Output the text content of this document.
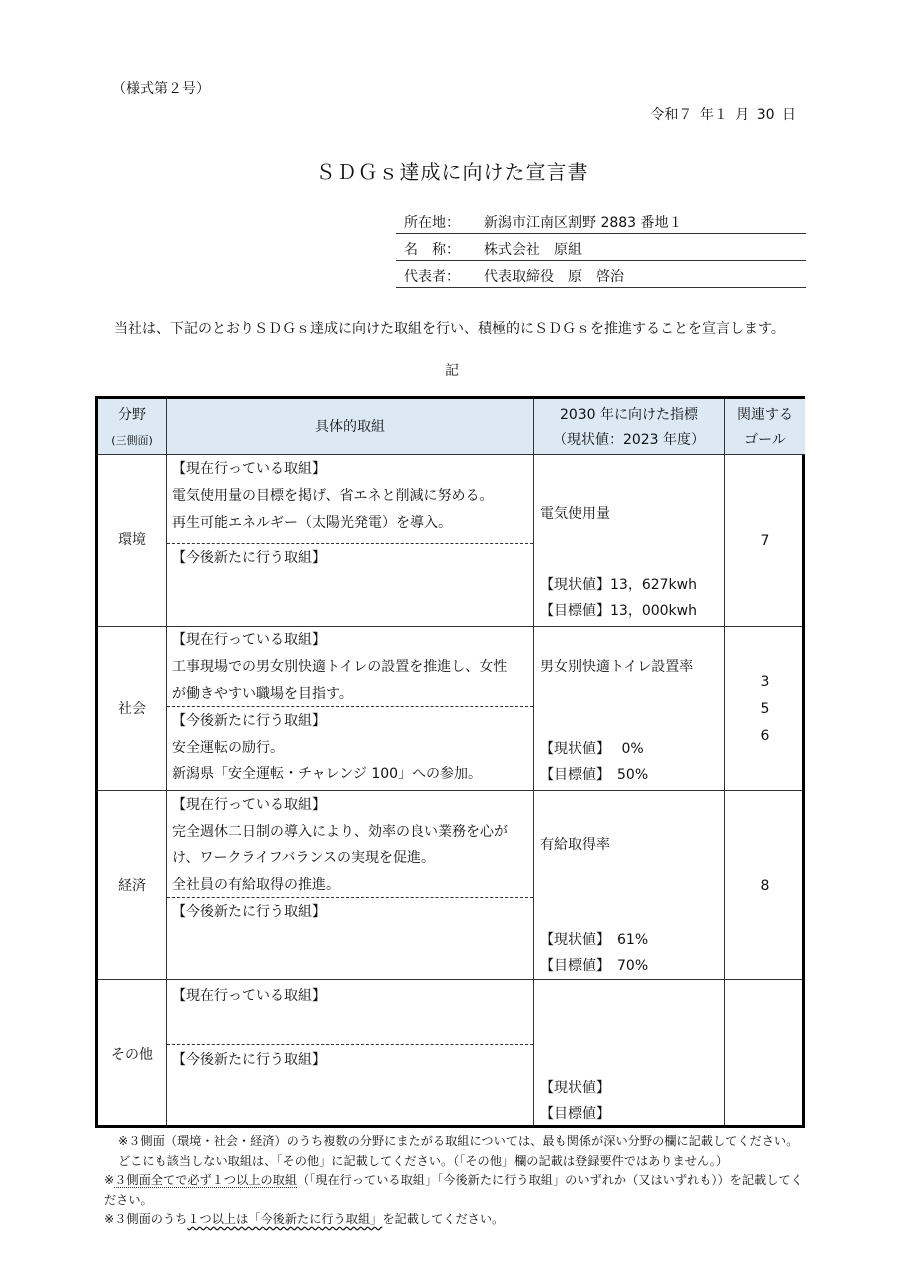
（様式第２号）
令和７ 年１ 月 30 日
ＳＤＧｓ達成に向けた宣言書
所在地： 新潟市江南区割野 2883 番地１
名　称： 株式会社　原組
代表者： 代表取締役　原　啓治
当社は、下記のとおりＳＤＧｓ達成に向けた取組を行い、積極的にＳＤＧｓを推進することを宣言します。
記
分野
(三側面)
具体的取組
2030 年に向けた指標
（現状値：2023 年度）
関連する
ゴール
環境
【現在行っている取組】
電気使用量の目標を掲げ、省エネと削減に努める。
再生可能エネルギー（太陽光発電）を導入。
【今後新たに行う取組】
電気使用量
【現状値】13，627kwh
【目標値】13，000kwh
7
社会
【現在行っている取組】
工事現場での男女別快適トイレの設置を推進し、女性
が働きやすい職場を目指す。
【今後新たに行う取組】
安全運転の励行。
新潟県「安全運転・チャレンジ 100」への参加。
男女別快適トイレ設置率
【現状値】　 0%
【目標値】　50%
3
5
6
経済
【現在行っている取組】
完全週休二日制の導入により、効率の良い業務を心が
け、ワークライフバランスの実現を促進。
全社員の有給取得の推進。
【今後新たに行う取組】
有給取得率
【現状値】　61%
【目標値】　70%
8
その他
【現在行っている取組】
【今後新たに行う取組】
【現状値】
【目標値】
※３側面（環境・社会・経済）のうち複数の分野にまたがる取組については、最も関係が深い分野の欄に記載してください。どこにも該当しない取組は、「その他」に記載してください。（「その他」欄の記載は登録要件ではありません。）
※３側面全てで必ず１つ以上の取組（「現在行っている取組」「今後新たに行う取組」のいずれか（又はいずれも））を記載してください。
※３側面のうち１つ以上は「今後新たに行う取組」を記載してください。
